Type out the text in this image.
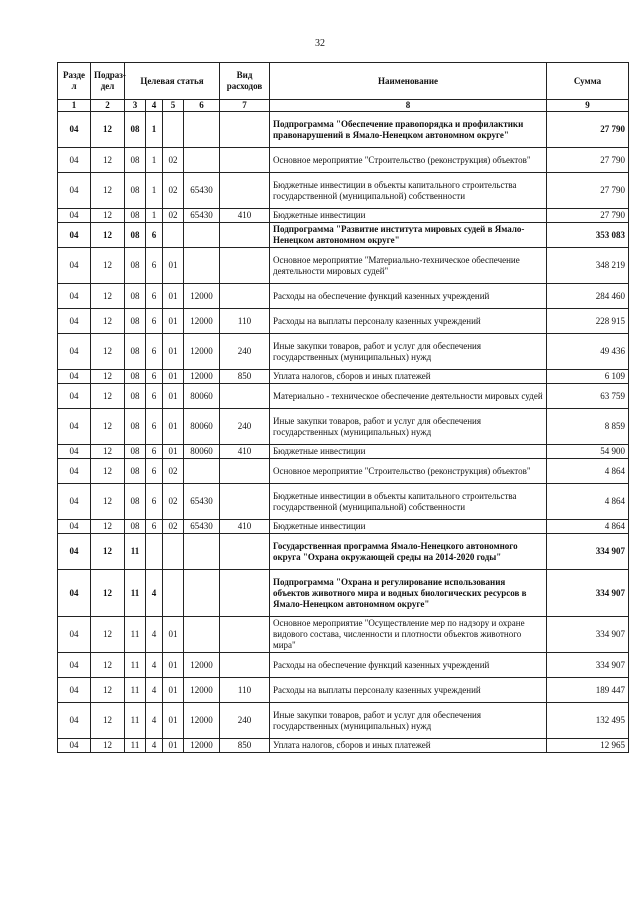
32
Разде л	Подраз- дел	Целевая статья				Вид расходов	Наименование	Сумма
1	2	3	4	5	6	7	8	9
04	12	08	1				Подпрограмма "Обеспечение правопорядка и профилактики правонарушений в Ямало-Ненецком автономном округе"	27 790
04	12	08	1	02			Основное мероприятие "Строительство (реконструкция) объектов"	27 790
04	12	08	1	02	65430		Бюджетные инвестиции в объекты капитального строительства государственной (муниципальной) собственности	27 790
04	12	08	1	02	65430	410	Бюджетные инвестиции	27 790
04	12	08	6				Подпрограмма "Развитие института мировых судей в Ямало-Ненецком автономном округе"	353 083
04	12	08	6	01			Основное мероприятие "Материально-техническое обеспечение деятельности мировых судей"	348 219
04	12	08	6	01	12000		Расходы на обеспечение функций казенных учреждений	284 460
04	12	08	6	01	12000	110	Расходы на выплаты персоналу казенных учреждений	228 915
04	12	08	6	01	12000	240	Иные закупки товаров, работ и услуг для обеспечения государственных (муниципальных) нужд	49 436
04	12	08	6	01	12000	850	Уплата налогов, сборов и иных платежей	6 109
04	12	08	6	01	80060		Материально - техническое обеспечение деятельности мировых судей	63 759
04	12	08	6	01	80060	240	Иные закупки товаров, работ и услуг для обеспечения государственных (муниципальных) нужд	8 859
04	12	08	6	01	80060	410	Бюджетные инвестиции	54 900
04	12	08	6	02			Основное мероприятие "Строительство (реконструкция) объектов"	4 864
04	12	08	6	02	65430		Бюджетные инвестиции в объекты капитального строительства государственной (муниципальной) собственности	4 864
04	12	08	6	02	65430	410	Бюджетные инвестиции	4 864
04	12	11					Государственная программа Ямало-Ненецкого автономного округа "Охрана окружающей среды на 2014-2020 годы"	334 907
04	12	11	4				Подпрограмма "Охрана и регулирование использования объектов животного мира и водных биологических ресурсов в Ямало-Ненецком автономном округе"	334 907
04	12	11	4	01			Основное мероприятие "Осуществление мер по надзору и охране видового состава, численности и плотности объектов животного мира"	334 907
04	12	11	4	01	12000		Расходы на обеспечение функций казенных учреждений	334 907
04	12	11	4	01	12000	110	Расходы на выплаты персоналу казенных учреждений	189 447
04	12	11	4	01	12000	240	Иные закупки товаров, работ и услуг для обеспечения государственных (муниципальных) нужд	132 495
04	12	11	4	01	12000	850	Уплата налогов, сборов и иных платежей	12 965
